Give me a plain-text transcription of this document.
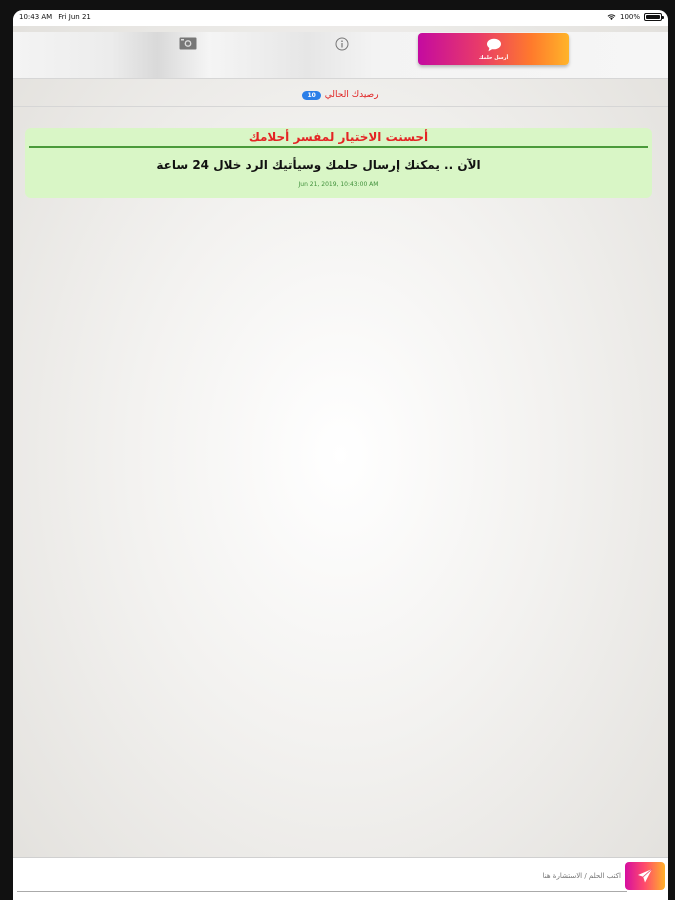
10:43 AM Fri Jun 21	100%
أرسل حلمك
10	رصيدك الحالي
أحسنت الاختيار لمفسر أحلامك
الآن .. يمكنك إرسال حلمك وسيأتيك الرد خلال 24 ساعة
Jun 21, 2019, 10:43:00 AM
اكتب الحلم / الاستشارة هنا
